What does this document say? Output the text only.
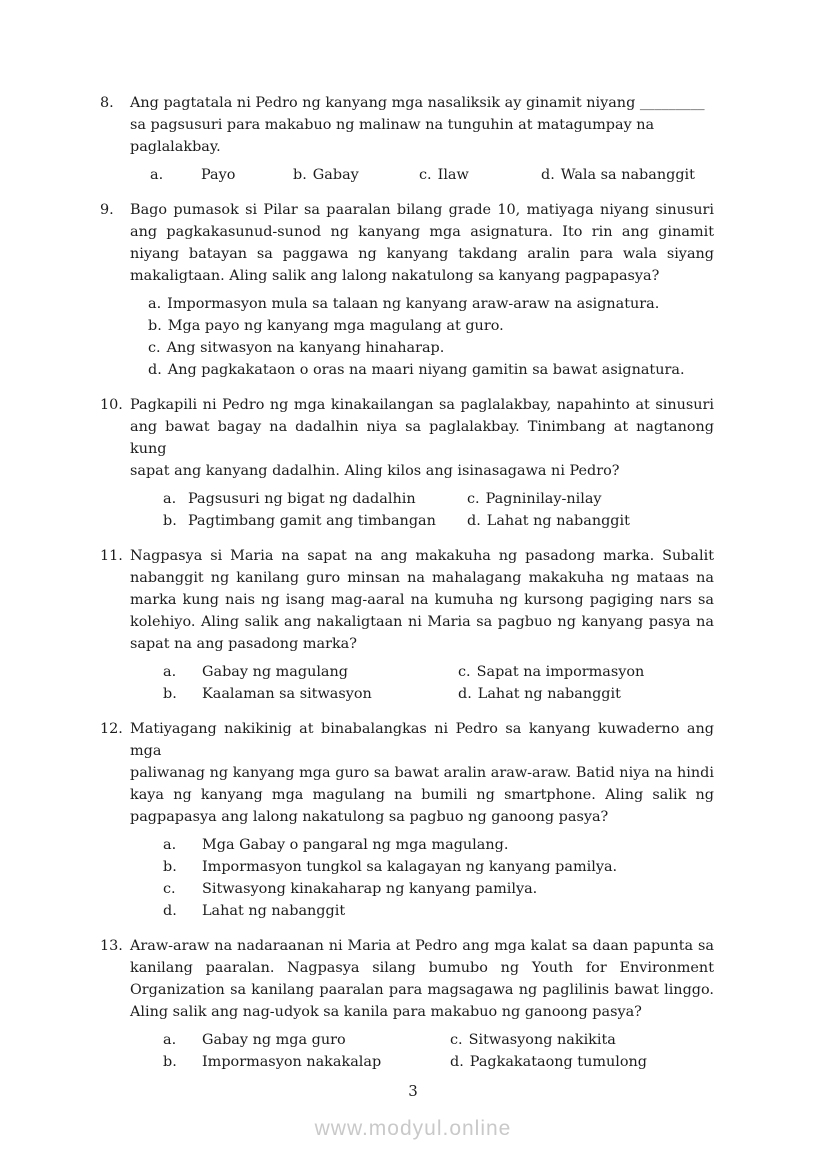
8.	Ang pagtatala ni Pedro ng kanyang mga nasaliksik ay ginamit niyang _________
sa pagsusuri para makabuo ng malinaw na tunguhin at matagumpay na
paglalakbay.
a.	Payo	b. Gabay	c. Ilaw	d. Wala sa nabanggit
9.	Bago pumasok si Pilar sa paaralan bilang grade 10, matiyaga niyang sinusuri
ang pagkakasunud-sunod ng kanyang mga asignatura. Ito rin ang ginamit
niyang batayan sa paggawa ng kanyang takdang aralin para wala siyang
makaligtaan. Aling salik ang lalong nakatulong sa kanyang pagpapasya?
a. Impormasyon mula sa talaan ng kanyang araw-araw na asignatura.
b. Mga payo ng kanyang mga magulang at guro.
c. Ang sitwasyon na kanyang hinaharap.
d. Ang pagkakataon o oras na maari niyang gamitin sa bawat asignatura.
10. Pagkapili ni Pedro ng mga kinakailangan sa paglalakbay, napahinto at sinusuri
ang bawat bagay na dadalhin niya sa paglalakbay. Tinimbang at nagtanong kung
sapat ang kanyang dadalhin. Aling kilos ang isinasagawa ni Pedro?
a. Pagsusuri ng bigat ng dadalhin	c. Pagninilay-nilay
b. Pagtimbang gamit ang timbangan d. Lahat ng nabanggit
11. Nagpasya si Maria na sapat na ang makakuha ng pasadong marka. Subalit
nabanggit ng kanilang guro minsan na mahalagang makakuha ng mataas na
marka kung nais ng isang mag-aaral na kumuha ng kursong pagiging nars sa
kolehiyo. Aling salik ang nakaligtaan ni Maria sa pagbuo ng kanyang pasya na
sapat na ang pasadong marka?
a. Gabay ng magulang	c. Sapat na impormasyon
b. Kaalaman sa sitwasyon	d. Lahat ng nabanggit
12. Matiyagang nakikinig at binabalangkas ni Pedro sa kanyang kuwaderno ang mga
paliwanag ng kanyang mga guro sa bawat aralin araw-araw. Batid niya na hindi
kaya ng kanyang mga magulang na bumili ng smartphone. Aling salik ng
pagpapasya ang lalong nakatulong sa pagbuo ng ganoong pasya?
a. Mga Gabay o pangaral ng mga magulang.
b. Impormasyon tungkol sa kalagayan ng kanyang pamilya.
c. Sitwasyong kinakaharap ng kanyang pamilya.
d. Lahat ng nabanggit
13. Araw-araw na nadaraanan ni Maria at Pedro ang mga kalat sa daan papunta sa
kanilang paaralan. Nagpasya silang bumubo ng Youth for Environment
Organization sa kanilang paaralan para magsagawa ng paglilinis bawat linggo.
Aling salik ang nag-udyok sa kanila para makabuo ng ganoong pasya?
a. Gabay ng mga guro	c. Sitwasyong nakikita
b. Impormasyon nakakalap	d. Pagkakataong tumulong
3
www.modyul.online
